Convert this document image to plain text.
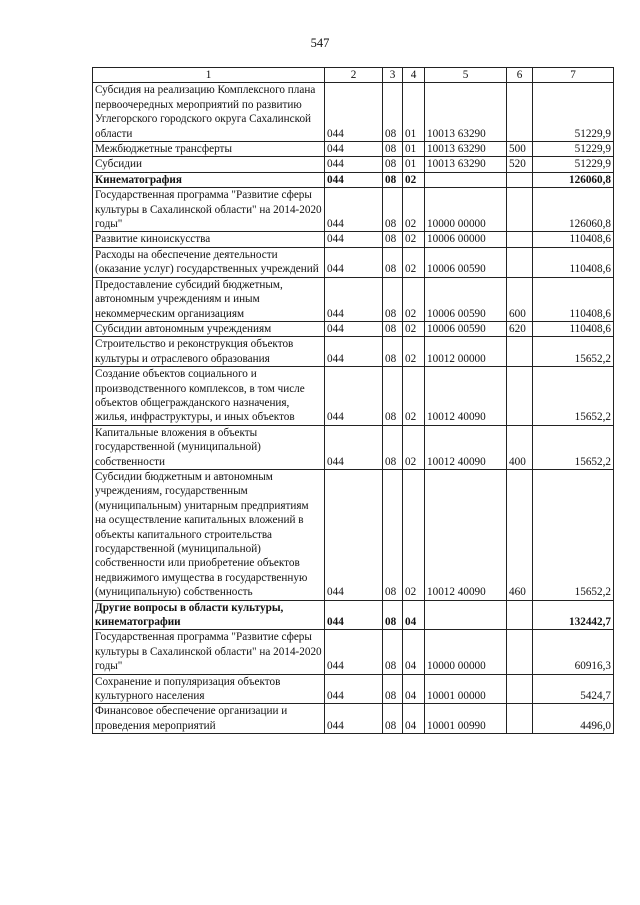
547
1	2	3	4	5	6	7
Субсидия на реализацию Комплексного плана первоочередных мероприятий по развитию Углегорского городского округа Сахалинской области	044	08	01	10013 63290		51229,9
Межбюджетные трансферты	044	08	01	10013 63290	500	51229,9
Субсидии	044	08	01	10013 63290	520	51229,9
Кинематография	044	08	02			126060,8
Государственная программа "Развитие сферы культуры в Сахалинской области" на 2014-2020 годы"	044	08	02	10000 00000		126060,8
Развитие киноискусства	044	08	02	10006 00000		110408,6
Расходы на обеспечение деятельности (оказание услуг) государственных учреждений	044	08	02	10006 00590		110408,6
Предоставление субсидий бюджетным, автономным учреждениям и иным некоммерческим организациям	044	08	02	10006 00590	600	110408,6
Субсидии автономным учреждениям	044	08	02	10006 00590	620	110408,6
Строительство и реконструкция объектов культуры и отраслевого образования	044	08	02	10012 00000		15652,2
Создание объектов социального и производственного комплексов, в том числе объектов общегражданского назначения, жилья, инфраструктуры, и иных объектов	044	08	02	10012 40090		15652,2
Капитальные вложения в объекты государственной (муниципальной) собственности	044	08	02	10012 40090	400	15652,2
Субсидии бюджетным и автономным учреждениям, государственным (муниципальным) унитарным предприятиям на осуществление капитальных вложений в объекты капитального строительства государственной (муниципальной) собственности или приобретение объектов недвижимого имущества в государственную (муниципальную) собственность	044	08	02	10012 40090	460	15652,2
Другие вопросы в области культуры, кинематографии	044	08	04			132442,7
Государственная программа "Развитие сферы культуры в Сахалинской области" на 2014-2020 годы"	044	08	04	10000 00000		60916,3
Сохранение и популяризация объектов культурного населения	044	08	04	10001 00000		5424,7
Финансовое обеспечение организации и проведения мероприятий	044	08	04	10001 00990		4496,0
